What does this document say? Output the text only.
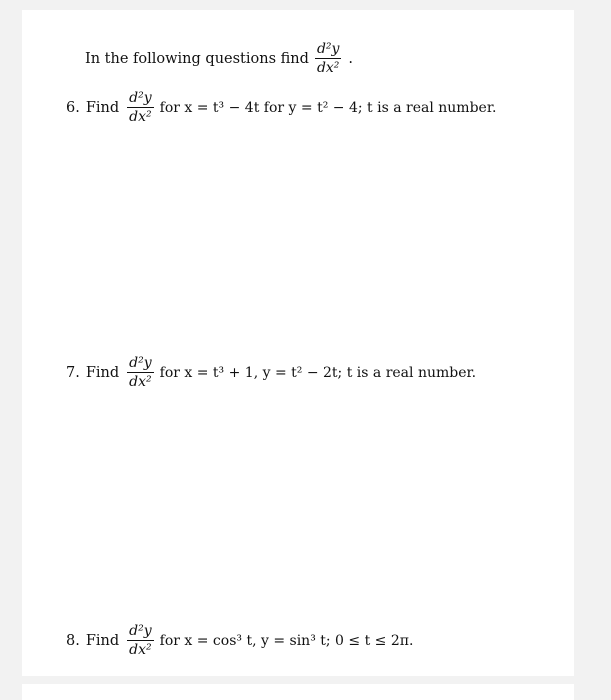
In the following questions find $\frac{\text{d²y}}{\text{dx²}}$ .
6. Find $\frac{\text{d²y}}{\text{dx²}}$ for x = t³ − 4t for y = t² − 4; t is a real number.
7. Find $\frac{\text{d²y}}{\text{dx²}}$ for x = t³ + 1, y = t² − 2t; t is a real number.
8. Find $\frac{\text{d²y}}{\text{dx²}}$ for x = cos³ t, y = sin³ t; 0 ≤ t ≤ 2π.
